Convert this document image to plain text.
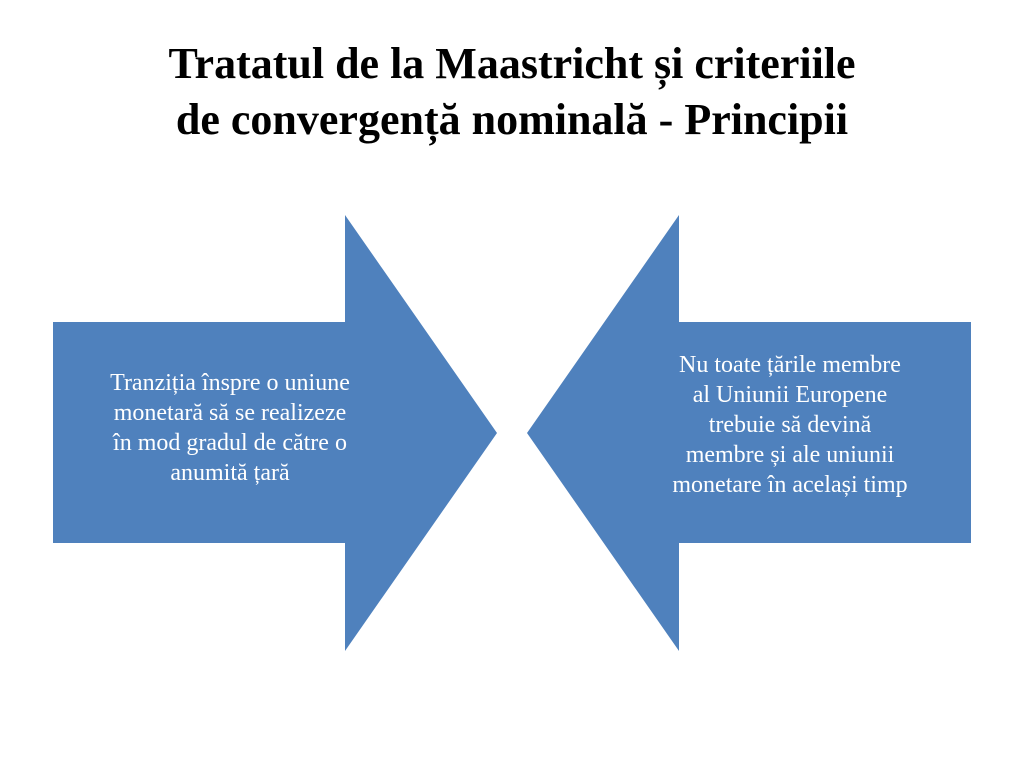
Tratatul de la Maastricht și criteriile
de convergență nominală - Principii
Tranziția înspre o uniune
monetară să se realizeze
în mod gradul de către o
anumită țară
Nu toate țările membre
al Uniunii Europene
trebuie să devină
membre și ale uniunii
monetare în același timp
